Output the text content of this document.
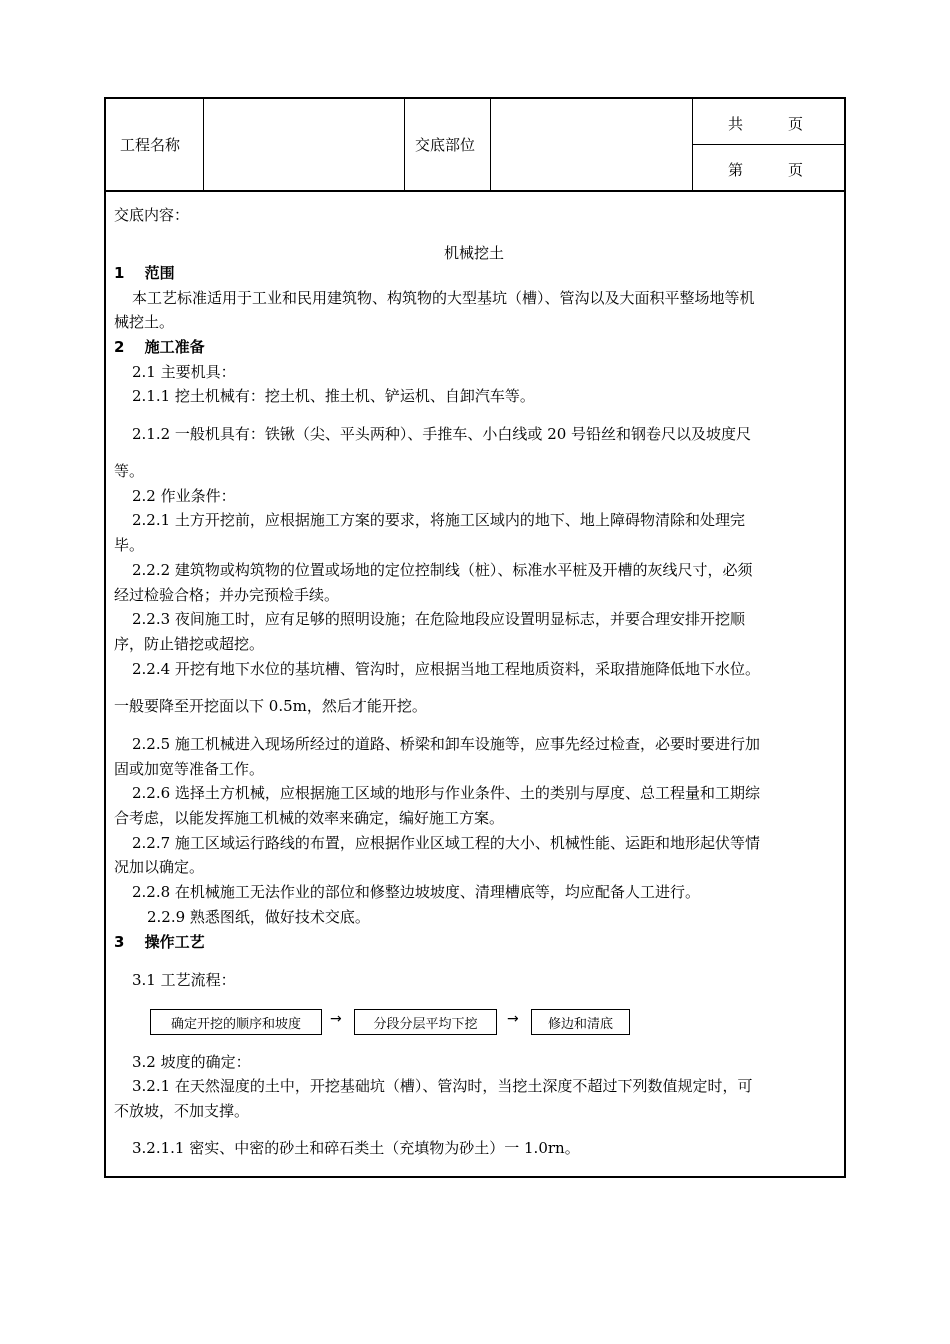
工程名称	交底部位
共　　　页
第　　　页
交底内容：
机械挖土
1　 范围
本工艺标准适用于工业和民用建筑物、构筑物的大型基坑（槽）、管沟以及大面积平整场地等机
械挖土。
2　 施工准备
2.1 主要机具：
2.1.1 挖土机械有：挖土机、推土机、铲运机、自卸汽车等。
2.1.2 一般机具有：铁锹（尖、平头两种）、手推车、小白线或 20 号铅丝和钢卷尺以及坡度尺
等。
2.2 作业条件：
2.2.1 土方开挖前，应根据施工方案的要求，将施工区域内的地下、地上障碍物清除和处理完
毕。
2.2.2 建筑物或构筑物的位置或场地的定位控制线（桩）、标准水平桩及开槽的灰线尺寸，必须
经过检验合格；并办完预检手续。
2.2.3 夜间施工时，应有足够的照明设施；在危险地段应设置明显标志，并要合理安排开挖顺
序，防止错挖或超挖。
2.2.4 开挖有地下水位的基坑槽、管沟时，应根据当地工程地质资料，采取措施降低地下水位。
一般要降至开挖面以下 0.5m，然后才能开挖。
2.2.5 施工机械进入现场所经过的道路、桥梁和卸车设施等，应事先经过检查，必要时要进行加
固或加宽等准备工作。
2.2.6 选择土方机械，应根据施工区域的地形与作业条件、土的类别与厚度、总工程量和工期综
合考虑，以能发挥施工机械的效率来确定，编好施工方案。
2.2.7 施工区域运行路线的布置，应根据作业区域工程的大小、机械性能、运距和地形起伏等情
况加以确定。
2.2.8 在机械施工无法作业的部位和修整边坡坡度、清理槽底等，均应配备人工进行。
2.2.9 熟悉图纸，做好技术交底。
3　 操作工艺
3.1 工艺流程：
确定开挖的顺序和坡度	→	分段分层平均下挖	→	修边和清底
3.2 坡度的确定：
3.2.1 在天然湿度的土中，开挖基础坑（槽）、管沟时，当挖土深度不超过下列数值规定时，可
不放坡，不加支撑。
3.2.1.1 密实、中密的砂土和碎石类土（充填物为砂土）一 1.0rn。
